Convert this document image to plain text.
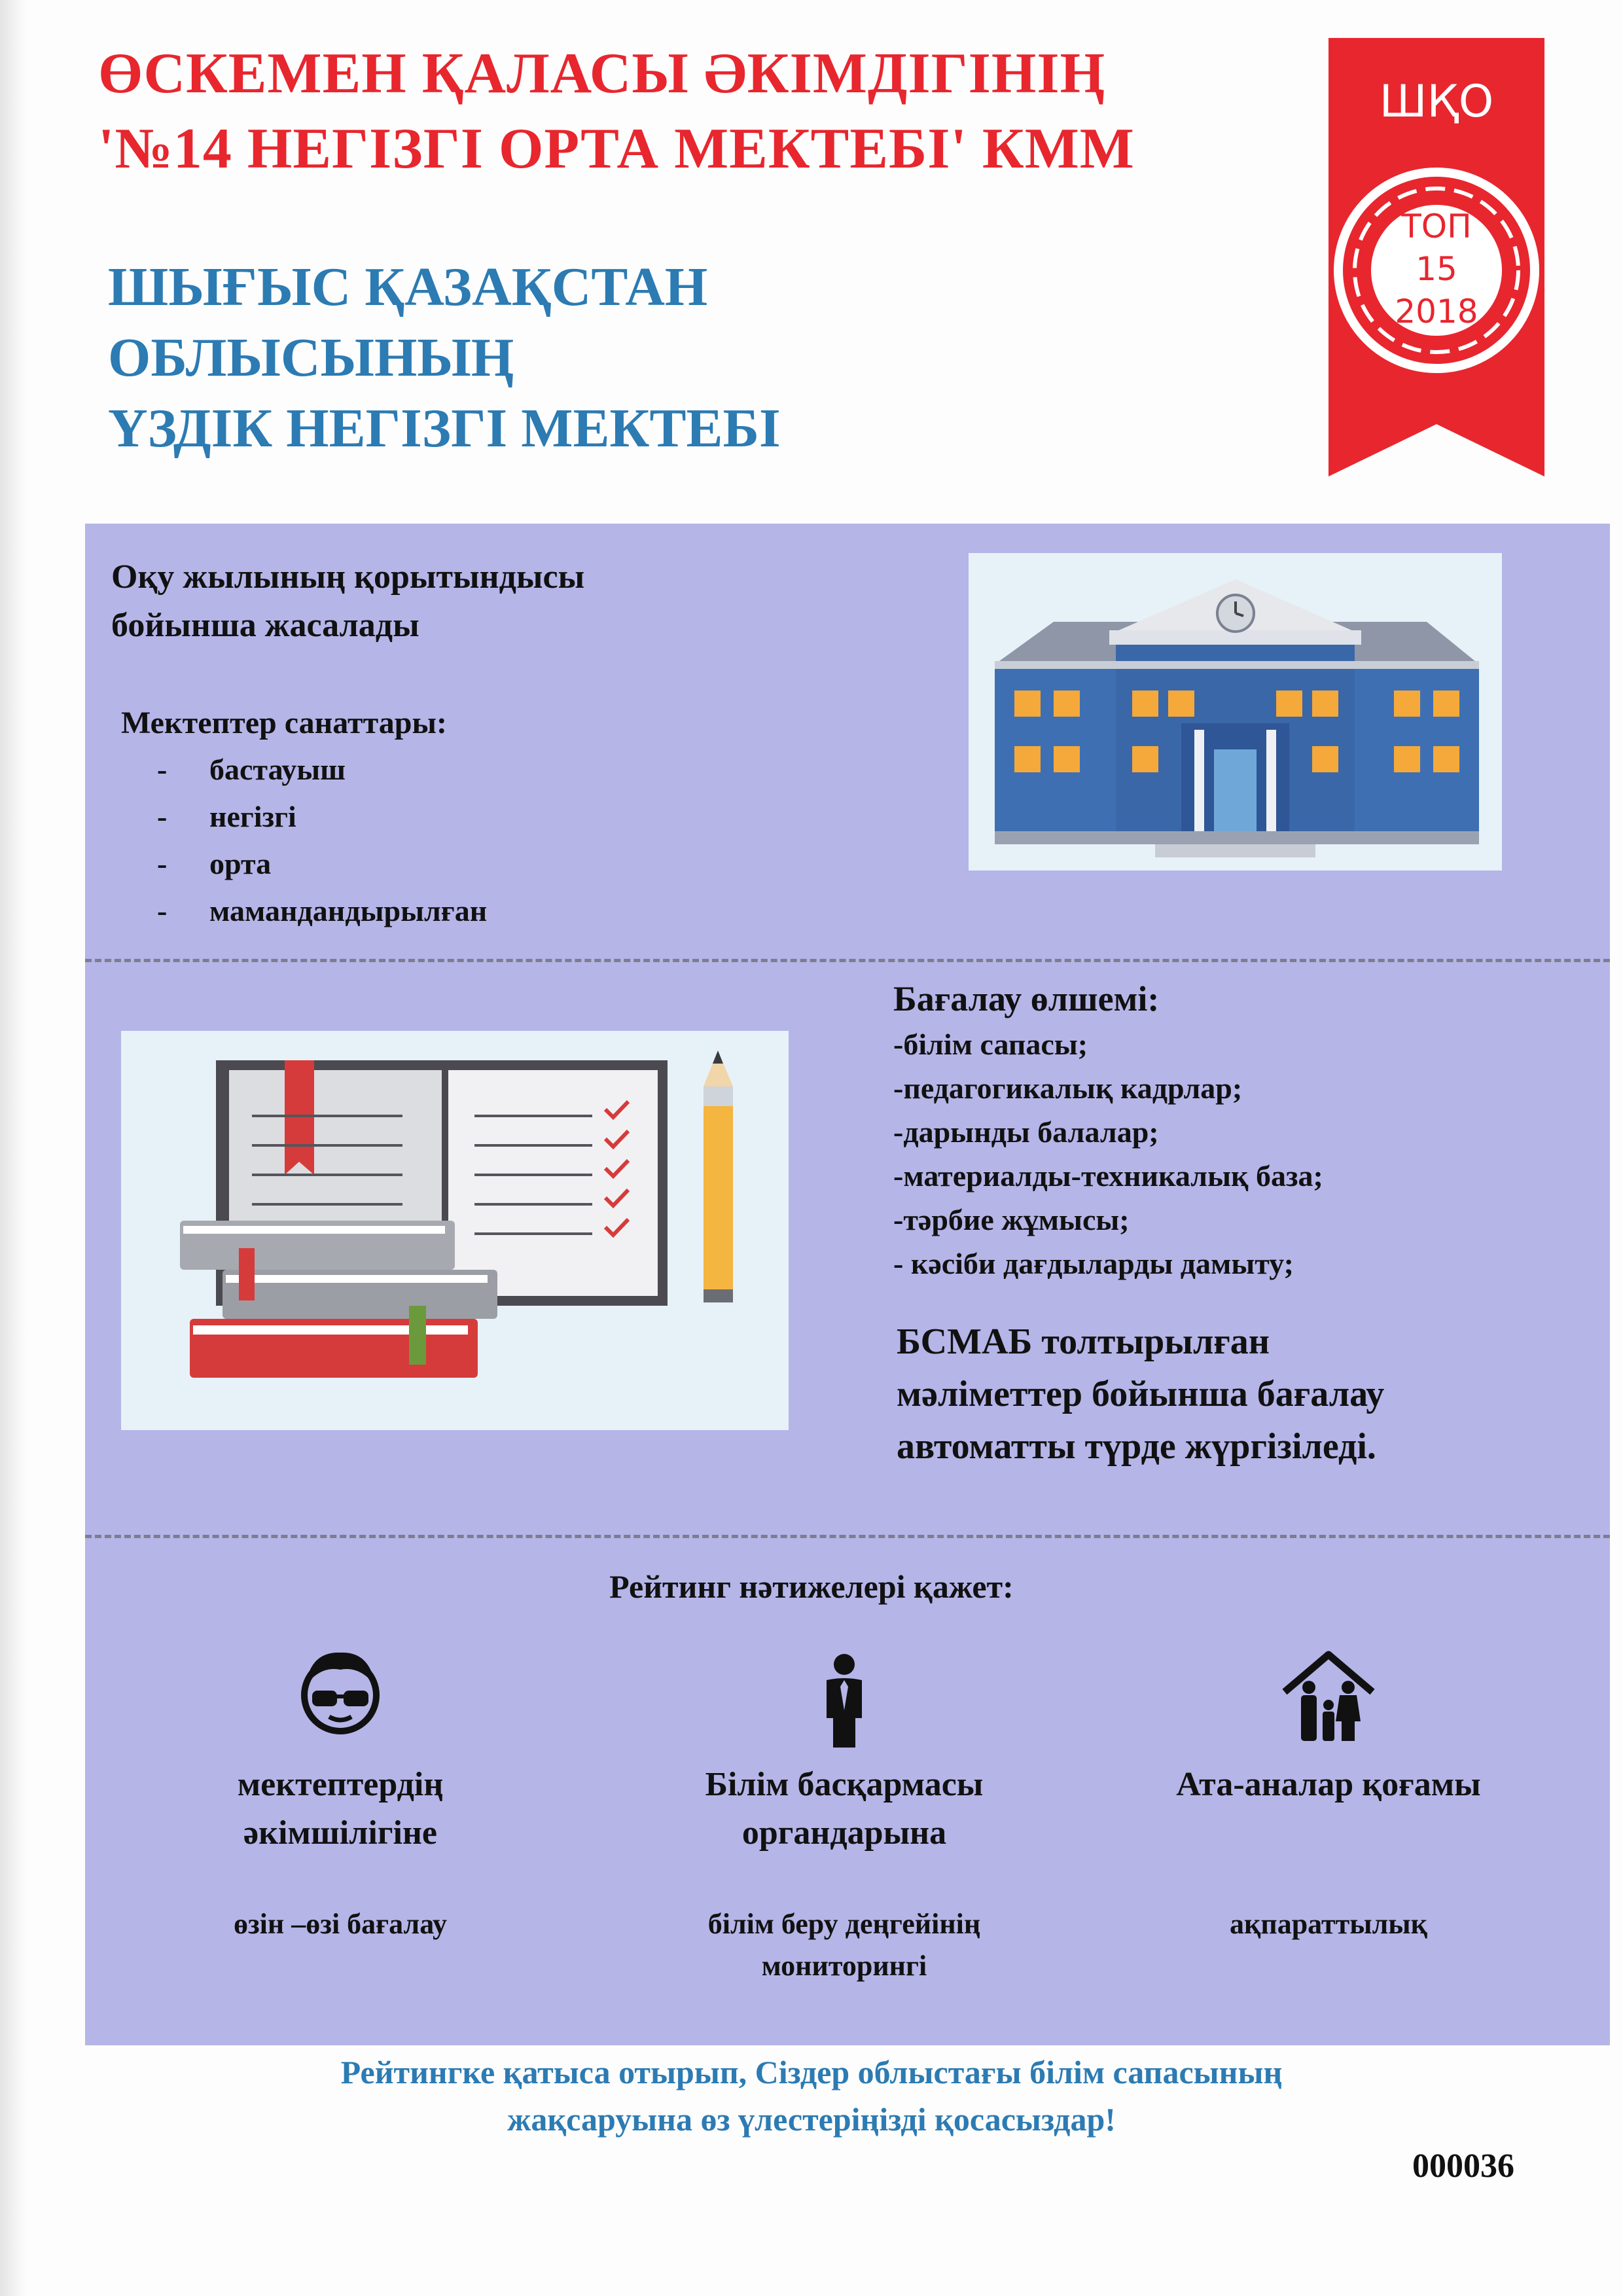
ӨСКЕМЕН ҚАЛАСЫ ӘКІМДІГІНІҢ
'№14 НЕГІЗГІ ОРТА МЕКТЕБІ' КММ
ШЫҒЫС ҚАЗАҚСТАН
ОБЛЫСЫНЫҢ
ҮЗДІК НЕГІЗГІ МЕКТЕБІ
ШҚО
ТОП
15
2018
Оқу жылының қорытындысы
бойынша жасалады
Мектептер санаттары:
- бастауыш
- негізгі
- орта
- мамандандырылған
Бағалау өлшемі:
-білім сапасы;
-педагогикалық кадрлар;
-дарынды балалар;
-материалды-техникалық база;
-тәрбие жұмысы;
- кәсіби дағдыларды дамыту;
БСМАБ толтырылған
мәліметтер бойынша бағалау
автоматты түрде жүргізіледі.
Рейтинг нәтижелері қажет:
мектептердің
әкімшілігіне
өзін –өзі бағалау
Білім басқармасы
органдарына
білім беру деңгейінің
мониторингі
Ата-аналар қоғамы
ақпараттылық
Рейтингке қатыса отырып, Сіздер облыстағы білім сапасының
жақсаруына өз үлестеріңізді қосасыздар!
000036
